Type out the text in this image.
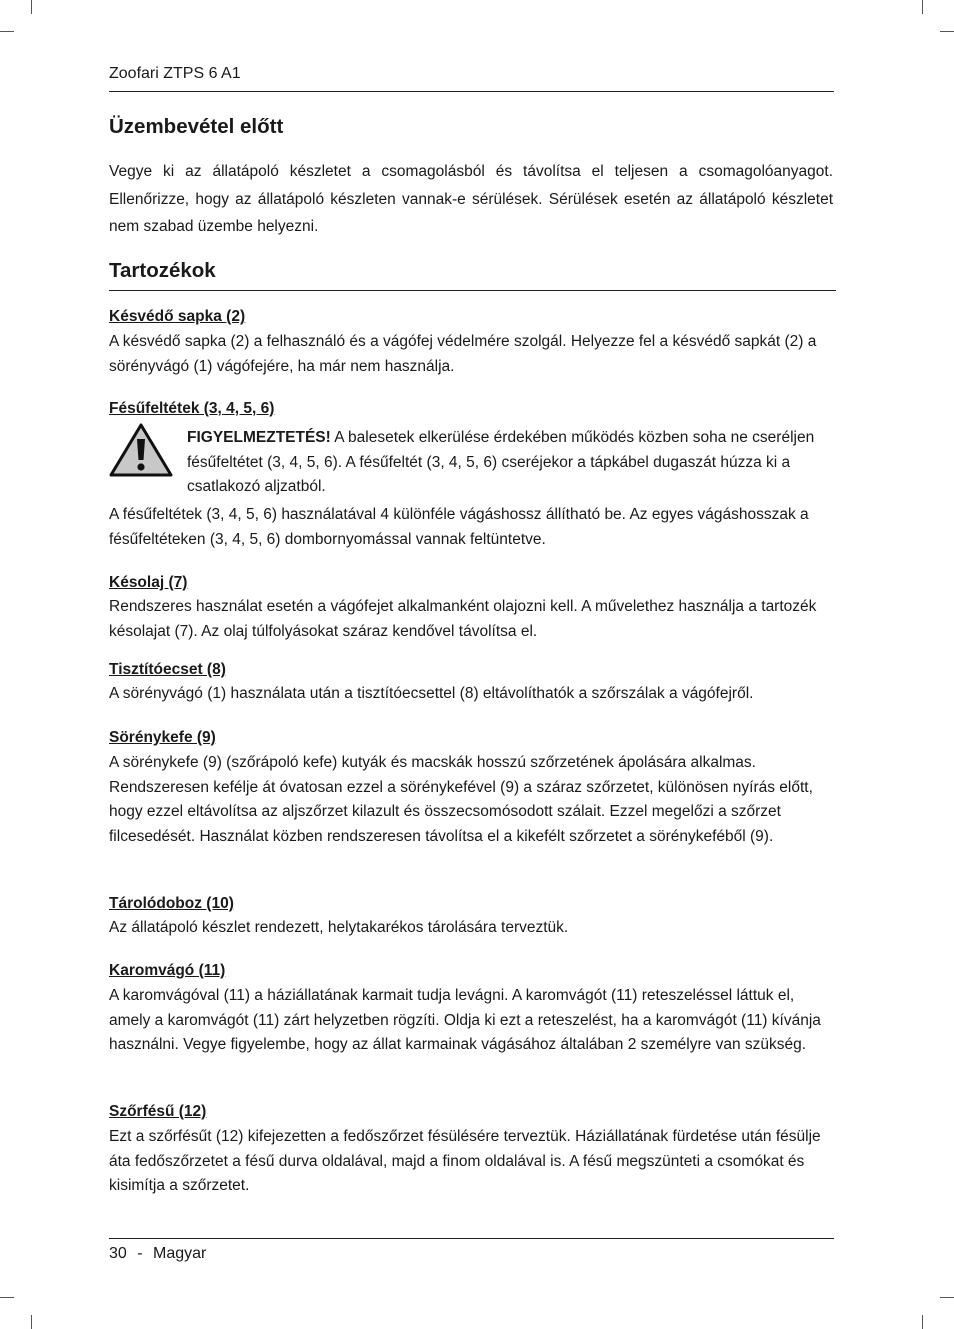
Zoofari ZTPS 6 A1
Üzembevétel előtt

Vegye ki az állatápoló készletet a csomagolásból és távolítsa el teljesen a csomagolóanyagot. Ellenőrizze, hogy az állatápoló készleten vannak-e sérülések. Sérülések esetén az állatápoló készletet nem szabad üzembe helyezni.

Tartozékok
Késvédő sapka (2)

A késvédő sapka (2) a felhasználó és a vágófej védelmére szolgál. Helyezze fel a késvédő sapkát (2) a sörényvágó (1) vágófejére, ha már nem használja.

Fésűfeltétek (3, 4, 5, 6)

FIGYELMEZTETÉS! A balesetek elkerülése érdekében működés közben soha ne cseréljen fésűfeltétet (3, 4, 5, 6). A fésűfeltét (3, 4, 5, 6) cseréjekor a tápkábel dugaszát húzza ki a csatlakozó aljzatból.

A fésűfeltétek (3, 4, 5, 6) használatával 4 különféle vágáshossz állítható be. Az egyes vágáshosszak a fésűfeltéteken (3, 4, 5, 6) dombornyomással vannak feltüntetve.

Késolaj (7)

Rendszeres használat esetén a vágófejet alkalmanként olajozni kell. A művelethez használja a tartozék késolajat (7). Az olaj túlfolyásokat száraz kendővel távolítsa el.

Tisztítóecset (8)

A sörényvágó (1) használata után a tisztítóecsettel (8) eltávolíthatók a szőrszálak a vágófejről.

Sörénykefe (9)

A sörénykefe (9) (szőrápoló kefe) kutyák és macskák hosszú szőrzetének ápolására alkalmas. Rendszeresen kefélje át óvatosan ezzel a sörénykefével (9) a száraz szőrzetet, különösen nyírás előtt, hogy ezzel eltávolítsa az aljszőrzet kilazult és összecsomósodott szálait. Ezzel megelőzi a szőrzet filcesedését. Használat közben rendszeresen távolítsa el a kikefélt szőrzetet a sörénykeféből (9).

Tárolódoboz (10)

Az állatápoló készlet rendezett, helytakarékos tárolására terveztük.

Karomvágó (11)

A karomvágóval (11) a háziállatának karmait tudja levágni. A karomvágót (11) reteszeléssel láttuk el, amely a karomvágót (11) zárt helyzetben rögzíti. Oldja ki ezt a reteszelést, ha a karomvágót (11) kívánja használni. Vegye figyelembe, hogy az állat karmainak vágásához általában 2 személyre van szükség.

Szőrfésű (12)

Ezt a szőrfésűt (12) kifejezetten a fedőszőrzet fésülésére terveztük. Háziállatának fürdetése után fésülje áta fedőszőrzetet a fésű durva oldalával, majd a finom oldalával is. A fésű megszünteti a csomókat és kisimítja a szőrzetet.

30 - Magyar
